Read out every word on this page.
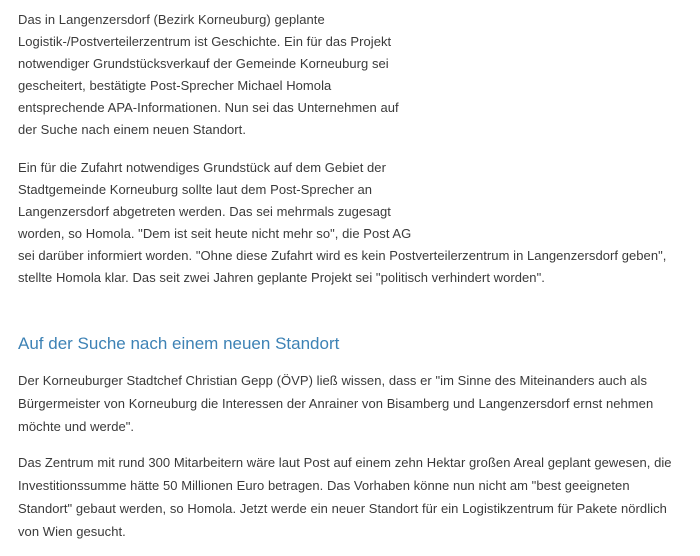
Das in Langenzersdorf (Bezirk Korneuburg) geplante
Logistik-/Postverteilerzentrum ist Geschichte. Ein für das Projekt
notwendiger Grundstücksverkauf der Gemeinde Korneuburg sei
gescheitert, bestätigte Post-Sprecher Michael Homola
entsprechende APA-Informationen. Nun sei das Unternehmen auf
der Suche nach einem neuen Standort.
Ein für die Zufahrt notwendiges Grundstück auf dem Gebiet der
Stadtgemeinde Korneuburg sollte laut dem Post-Sprecher an
Langenzersdorf abgetreten werden. Das sei mehrmals zugesagt
worden, so Homola. "Dem ist seit heute nicht mehr so", die Post AG
sei darüber informiert worden. "Ohne diese Zufahrt wird es kein Postverteilerzentrum in Langenzersdorf geben",
stellte Homola klar. Das seit zwei Jahren geplante Projekt sei "politisch verhindert worden".
Auf der Suche nach einem neuen Standort
Der Korneuburger Stadtchef Christian Gepp (ÖVP) ließ wissen, dass er "im Sinne des Miteinanders auch als
Bürgermeister von Korneuburg die Interessen der Anrainer von Bisamberg und Langenzersdorf ernst nehmen
möchte und werde".
Das Zentrum mit rund 300 Mitarbeitern wäre laut Post auf einem zehn Hektar großen Areal geplant gewesen, die
Investitionssumme hätte 50 Millionen Euro betragen. Das Vorhaben könne nun nicht am "best geeigneten
Standort" gebaut werden, so Homola. Jetzt werde ein neuer Standort für ein Logistikzentrum für Pakete nördlich
von Wien gesucht.
